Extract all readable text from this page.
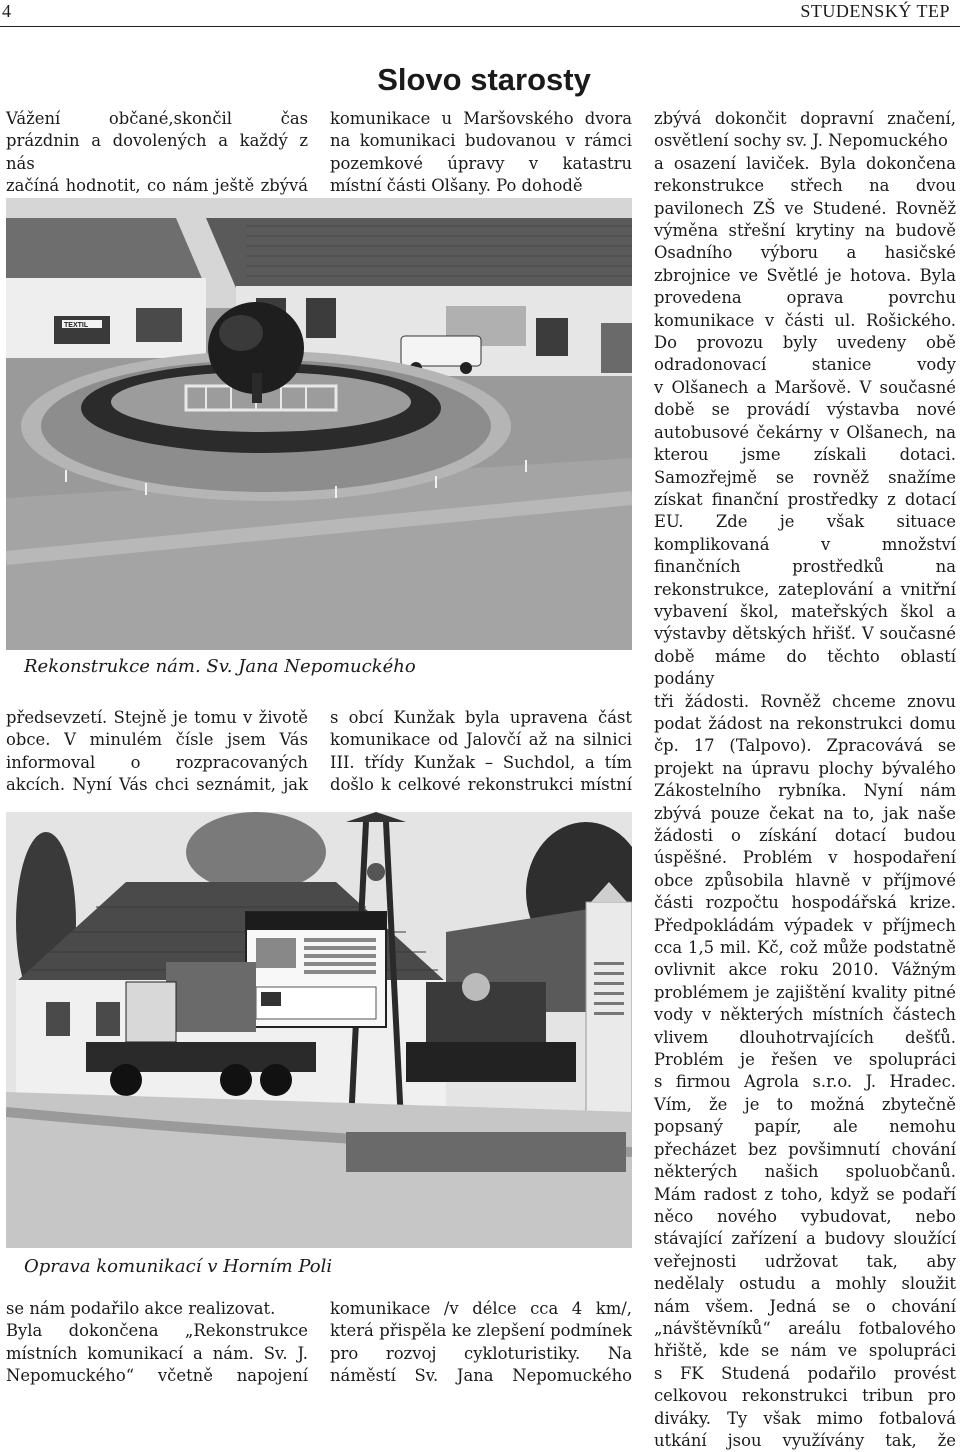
4	STUDENSKÝ TEP
Slovo starosty

Vážení občané,skončil čas

prázdnin a dovolených a každý z nás

začíná hodnotit, co nám ještě zbývá

komunikace u Maršovského dvora

na komunikaci budovanou v rámci

pozemkové úpravy v katastru

místní části Olšany. Po dohodě

TEXTIL
Rekonstrukce nám. Sv. Jana Nepomuckého

předsevzetí. Stejně je tomu v životě

obce. V minulém čísle jsem Vás

informoval o rozpracovaných

akcích. Nyní Vás chci seznámit, jak

s obcí Kunžak byla upravena část

komunikace od Jalovčí až na silnici

III. třídy Kunžak – Suchdol, a tím

došlo k celkové rekonstrukci místní

Oprava komunikací v Horním Poli

se nám podařilo akce realizovat.

Byla dokončena „Rekonstrukce

místních komunikací a nám. Sv. J.

Nepomuckého“ včetně napojení

komunikace /v délce cca 4 km/,

která přispěla ke zlepšení podmínek

pro rozvoj cykloturistiky. Na

náměstí Sv. Jana Nepomuckého

zbývá dokončit dopravní značení,

osvětlení sochy sv. J. Nepomuckého

a osazení laviček. Byla dokončena

rekonstrukce střech na dvou

pavilonech ZŠ ve Studené. Rovněž

výměna střešní krytiny na budově

Osadního výboru a hasičské

zbrojnice ve Světlé je hotova. Byla

provedena oprava povrchu

komunikace v části ul. Rošického.

Do provozu byly uvedeny obě

odradonovací stanice vody

v Olšanech a Maršově. V současné

době se provádí výstavba nové

autobusové čekárny v Olšanech, na

kterou jsme získali dotaci.

Samozřejmě se rovněž snažíme

získat finanční prostředky z dotací

EU. Zde je však situace

komplikovaná v množství

finančních prostředků na

rekonstrukce, zateplování a vnitřní

vybavení škol, mateřských škol a

výstavby dětských hřišť. V současné

době máme do těchto oblastí podány

tři žádosti. Rovněž chceme znovu

podat žádost na rekonstrukci domu

čp. 17 (Talpovo). Zpracovává se

projekt na úpravu plochy bývalého

Zákostelního rybníka. Nyní nám

zbývá pouze čekat na to, jak naše

žádosti o získání dotací budou

úspěšné. Problém v hospodaření

obce způsobila hlavně v příjmové

části rozpočtu hospodářská krize.

Předpokládám výpadek v příjmech

cca 1,5 mil. Kč, což může podstatně

ovlivnit akce roku 2010. Vážným

problémem je zajištění kvality pitné

vody v některých místních částech

vlivem dlouhotrvajících dešťů.

Problém je řešen ve spolupráci

s firmou Agrola s.r.o. J. Hradec.

Vím, že je to možná zbytečně

popsaný papír, ale nemohu

přecházet bez povšimnutí chování

některých našich spoluobčanů.

Mám radost z toho, když se podaří

něco nového vybudovat, nebo

stávající zařízení a budovy sloužící

veřejnosti udržovat tak, aby

nedělaly ostudu a mohly sloužit

nám všem. Jedná se o chování

„návštěvníků“ areálu fotbalového

hřiště, kde se nám ve spolupráci

s FK Studená podařilo provést

celkovou rekonstrukci tribun pro

diváky. Ty však mimo fotbalová

utkání jsou využívány tak, že
